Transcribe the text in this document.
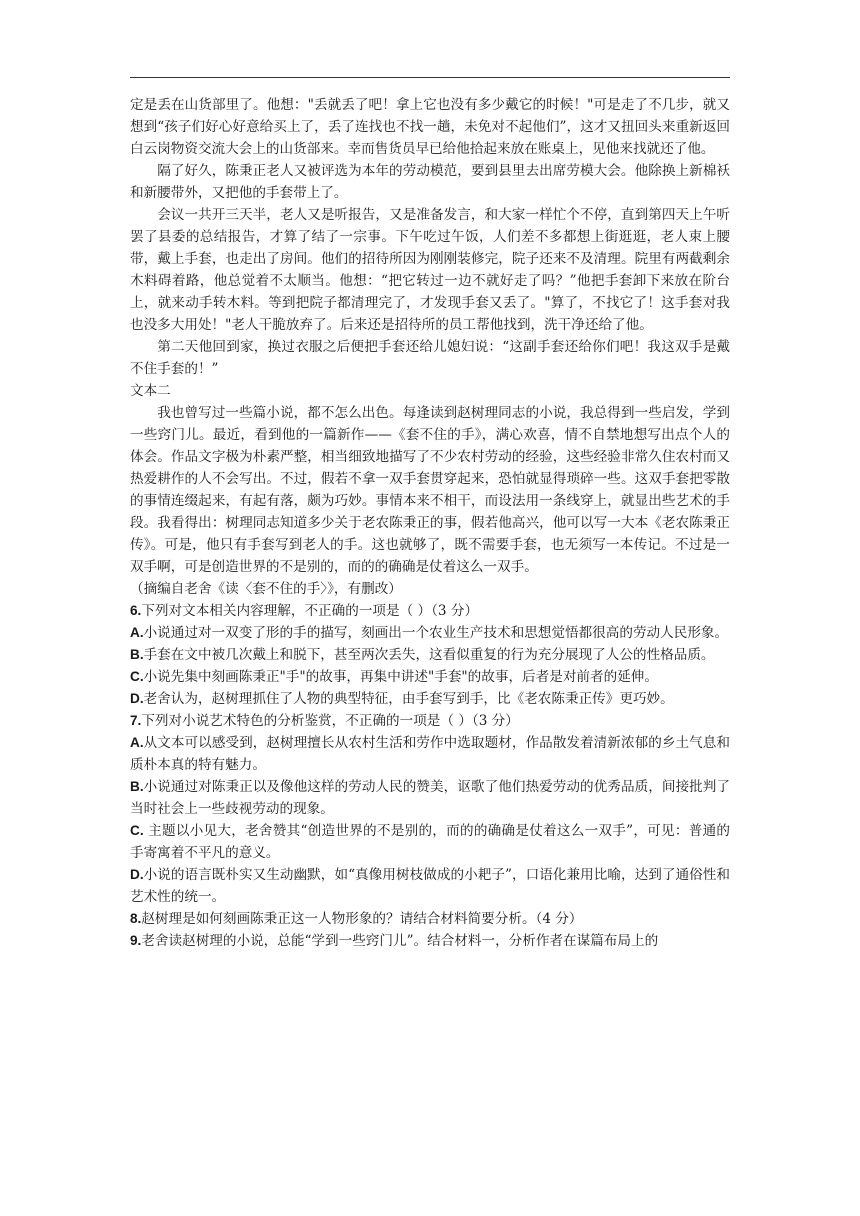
定是丢在山货部里了。他想："丢就丢了吧！拿上它也没有多少戴它的时候！"可是走了不几步，就又想到“孩子们好心好意给买上了，丢了连找也不找一趟，未免对不起他们”，这才又扭回头来重新返回白云岗物资交流大会上的山货部来。幸而售货员早已给他拾起来放在账桌上，见他来找就还了他。

隔了好久，陈秉正老人又被评选为本年的劳动模范，要到县里去出席劳模大会。他除换上新棉袄和新腰带外，又把他的手套带上了。

会议一共开三天半，老人又是听报告，又是准备发言，和大家一样忙个不停，直到第四天上午听罢了县委的总结报告，才算了结了一宗事。下午吃过午饭，人们差不多都想上街逛逛，老人束上腰带，戴上手套，也走出了房间。他们的招待所因为刚刚装修完，院子还来不及清理。院里有两截剩余木料碍着路，他总觉着不太顺当。他想：“把它转过一边不就好走了吗？”他把手套卸下来放在阶台上，就来动手转木料。等到把院子都清理完了，才发现手套又丢了。"算了，不找它了！这手套对我也没多大用处！"老人干脆放弃了。后来还是招待所的员工帮他找到，洗干净还给了他。

第二天他回到家，换过衣服之后便把手套还给儿媳妇说：“这副手套还给你们吧！我这双手是戴不住手套的！”

文本二

我也曾写过一些篇小说，都不怎么出色。每逢读到赵树理同志的小说，我总得到一些启发，学到一些窍门儿。最近，看到他的一篇新作——《套不住的手》，满心欢喜，情不自禁地想写出点个人的体会。作品文字极为朴素严整，相当细致地描写了不少农村劳动的经验，这些经验非常久住农村而又热爱耕作的人不会写出。不过，假若不拿一双手套贯穿起来，恐怕就显得琐碎一些。这双手套把零散的事情连缀起来，有起有落，颇为巧妙。事情本来不相干，而设法用一条线穿上，就显出些艺术的手段。我看得出：树理同志知道多少关于老农陈秉正的事，假若他高兴，他可以写一大本《老农陈秉正传》。可是，他只有手套写到老人的手。这也就够了，既不需要手套，也无须写一本传记。不过是一双手啊，可是创造世界的不是别的，而的的确确是仗着这么一双手。

（摘编自老舍《读〈套不住的手〉》，有删改）

6.下列对文本相关内容理解，不正确的一项是（ ）（3 分）

A.小说通过对一双变了形的手的描写，刻画出一个农业生产技术和思想觉悟都很高的劳动人民形象。

B.手套在文中被几次戴上和脱下，甚至两次丢失，这看似重复的行为充分展现了人公的性格品质。

C.小说先集中刻画陈秉正"手"的故事，再集中讲述"手套"的故事，后者是对前者的延伸。

D.老舍认为，赵树理抓住了人物的典型特征，由手套写到手，比《老农陈秉正传》更巧妙。

7.下列对小说艺术特色的分析鉴赏，不正确的一项是（ ）（3 分）

A.从文本可以感受到，赵树理擅长从农村生活和劳作中选取题材，作品散发着清新浓郁的乡土气息和质朴本真的特有魅力。

B.小说通过对陈秉正以及像他这样的劳动人民的赞美，讴歌了他们热爱劳动的优秀品质，间接批判了当时社会上一些歧视劳动的现象。

C. 主题以小见大，老舍赞其“创造世界的不是别的，而的的确确是仗着这么一双手”，可见：普通的手寄寓着不平凡的意义。

D.小说的语言既朴实又生动幽默，如“真像用树枝做成的小耙子”，口语化兼用比喻，达到了通俗性和艺术性的统一。

8.赵树理是如何刻画陈秉正这一人物形象的？请结合材料简要分析。（4 分）

9.老舍读赵树理的小说，总能“学到一些窍门儿”。结合材料一，分析作者在谋篇布局上的
